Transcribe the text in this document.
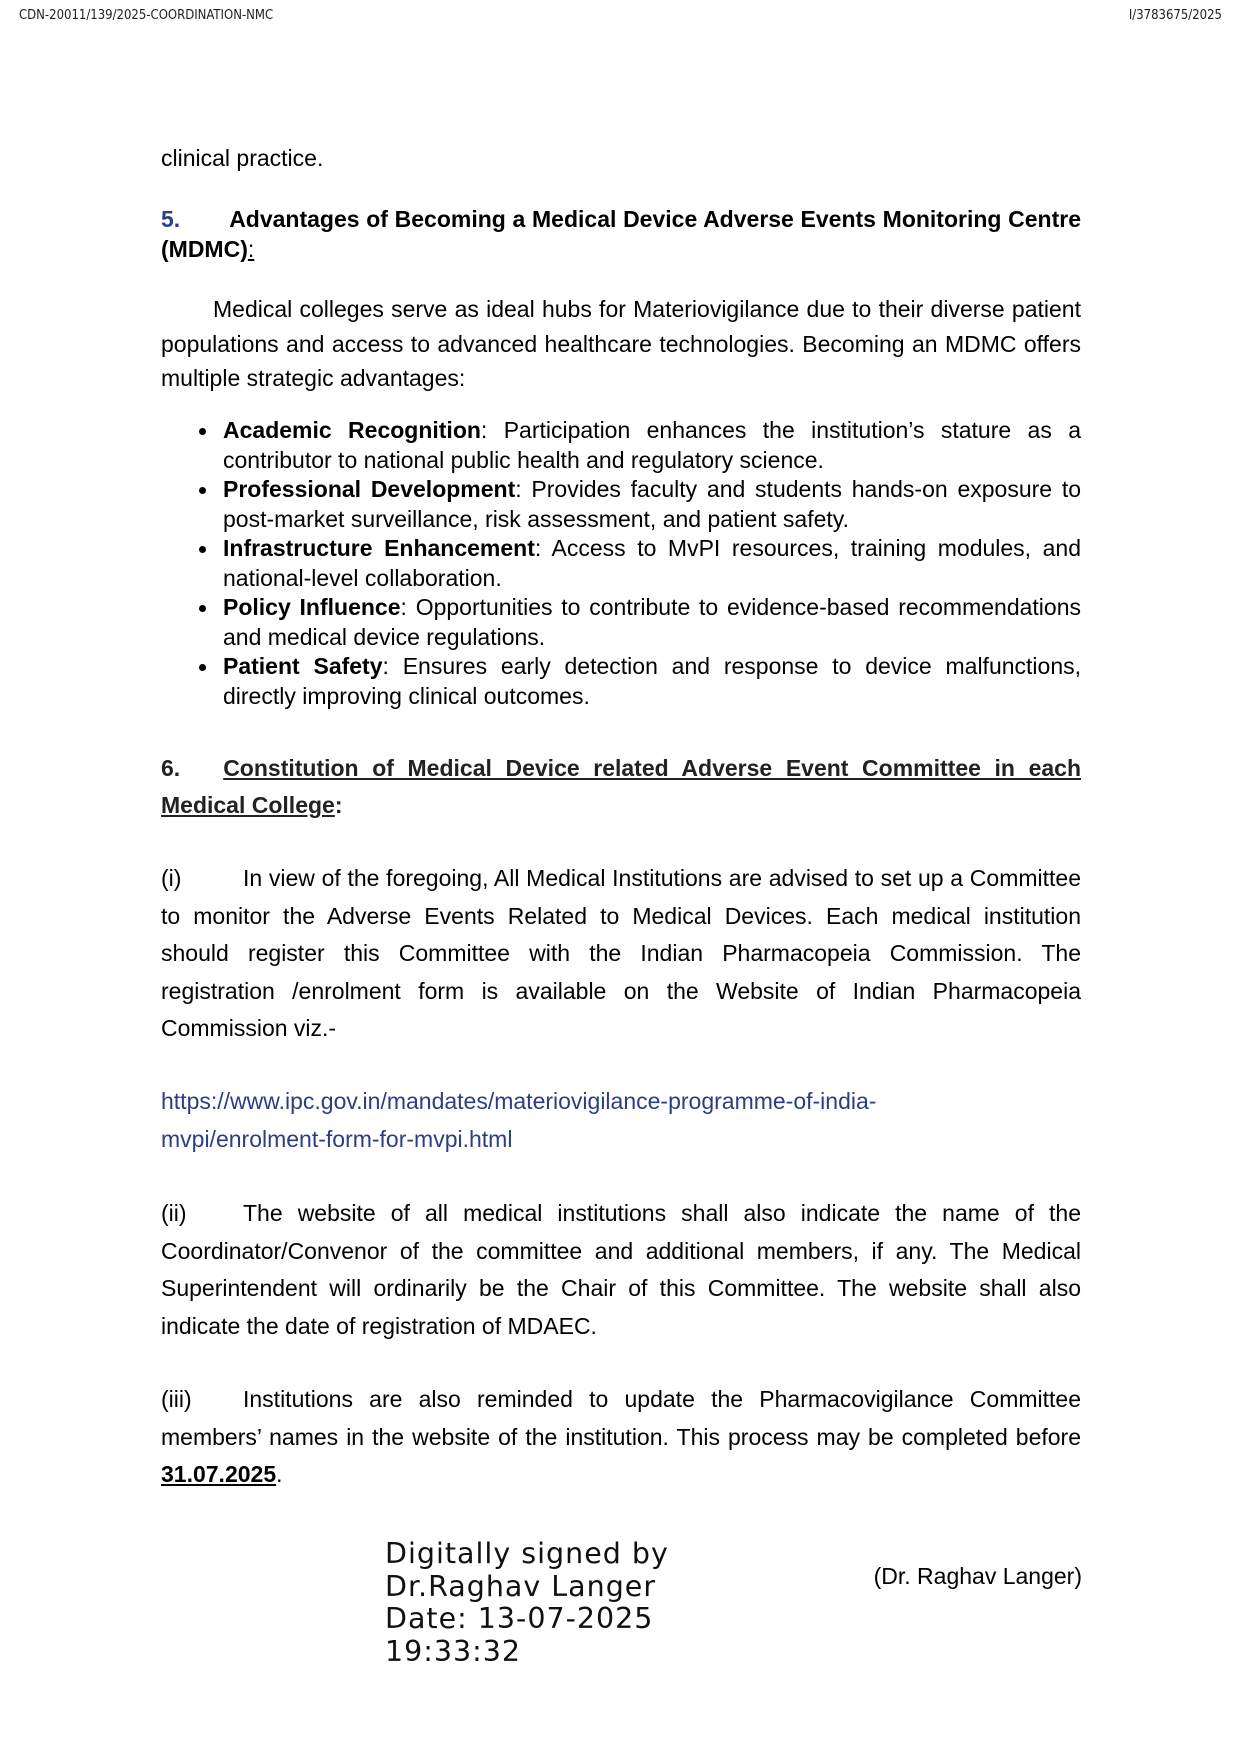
CDN-20011/139/2025-COORDINATION-NMC	I/3783675/2025
clinical practice.
5. Advantages of Becoming a Medical Device Adverse Events Monitoring Centre (MDMC):
Medical colleges serve as ideal hubs for Materiovigilance due to their diverse patient populations and access to advanced healthcare technologies. Becoming an MDMC offers multiple strategic advantages:
Academic Recognition: Participation enhances the institution’s stature as a contributor to national public health and regulatory science.
Professional Development: Provides faculty and students hands-on exposure to post-market surveillance, risk assessment, and patient safety.
Infrastructure Enhancement: Access to MvPI resources, training modules, and national-level collaboration.
Policy Influence: Opportunities to contribute to evidence-based recommendations and medical device regulations.
Patient Safety: Ensures early detection and response to device malfunctions, directly improving clinical outcomes.
6. Constitution of Medical Device related Adverse Event Committee in each Medical College:
(i)	In view of the foregoing, All Medical Institutions are advised to set up a Committee to monitor the Adverse Events Related to Medical Devices. Each medical institution should register this Committee with the Indian Pharmacopeia Commission. The registration /enrolment form is available on the Website of Indian Pharmacopeia Commission viz.-
https://www.ipc.gov.in/mandates/materiovigilance-programme-of-india-
mvpi/enrolment-form-for-mvpi.html
(ii) The website of all medical institutions shall also indicate the name of the Coordinator/Convenor of the committee and additional members, if any. The Medical Superintendent will ordinarily be the Chair of this Committee. The website shall also indicate the date of registration of MDAEC.
(iii) Institutions are also reminded to update the Pharmacovigilance Committee members’ names in the website of the institution. This process may be completed before 31.07.2025.
Digitally signed by
Dr.Raghav Langer
Date: 13-07-2025
19:33:32
(Dr. Raghav Langer)
